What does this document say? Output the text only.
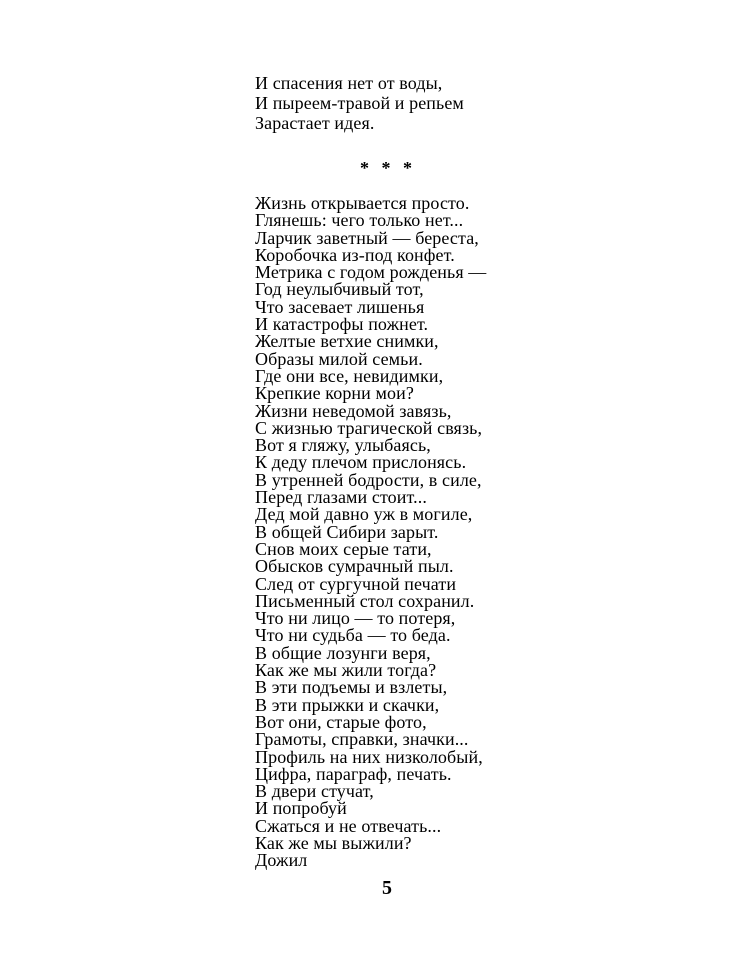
И спасения нет от воды,
И пыреем-травой и репьем
Зарастает идея.
* * *
Жизнь открывается просто.
Глянешь: чего только нет...
Ларчик заветный — береста,
Коробочка из-под конфет.
Метрика с годом рожденья —
Год неулыбчивый тот,
Что засевает лишенья
И катастрофы пожнет.
Желтые ветхие снимки,
Образы милой семьи.
Где они все, невидимки,
Крепкие корни мои?
Жизни неведомой завязь,
С жизнью трагической связь,
Вот я гляжу, улыбаясь,
К деду плечом прислонясь.
В утренней бодрости, в силе,
Перед глазами стоит...
Дед мой давно уж в могиле,
В общей Сибири зарыт.
Снов моих серые тати,
Обысков сумрачный пыл.
След от сургучной печати
Письменный стол сохранил.
Что ни лицо — то потеря,
Что ни судьба — то беда.
В общие лозунги веря,
Как же мы жили тогда?
В эти подъемы и взлеты,
В эти прыжки и скачки,
Вот они, старые фото,
Грамоты, справки, значки...
Профиль на них низколобый,
Цифра, параграф, печать.
В двери стучат,
И попробуй
Сжаться и не отвечать...
Как же мы выжили?
Дожил
5
